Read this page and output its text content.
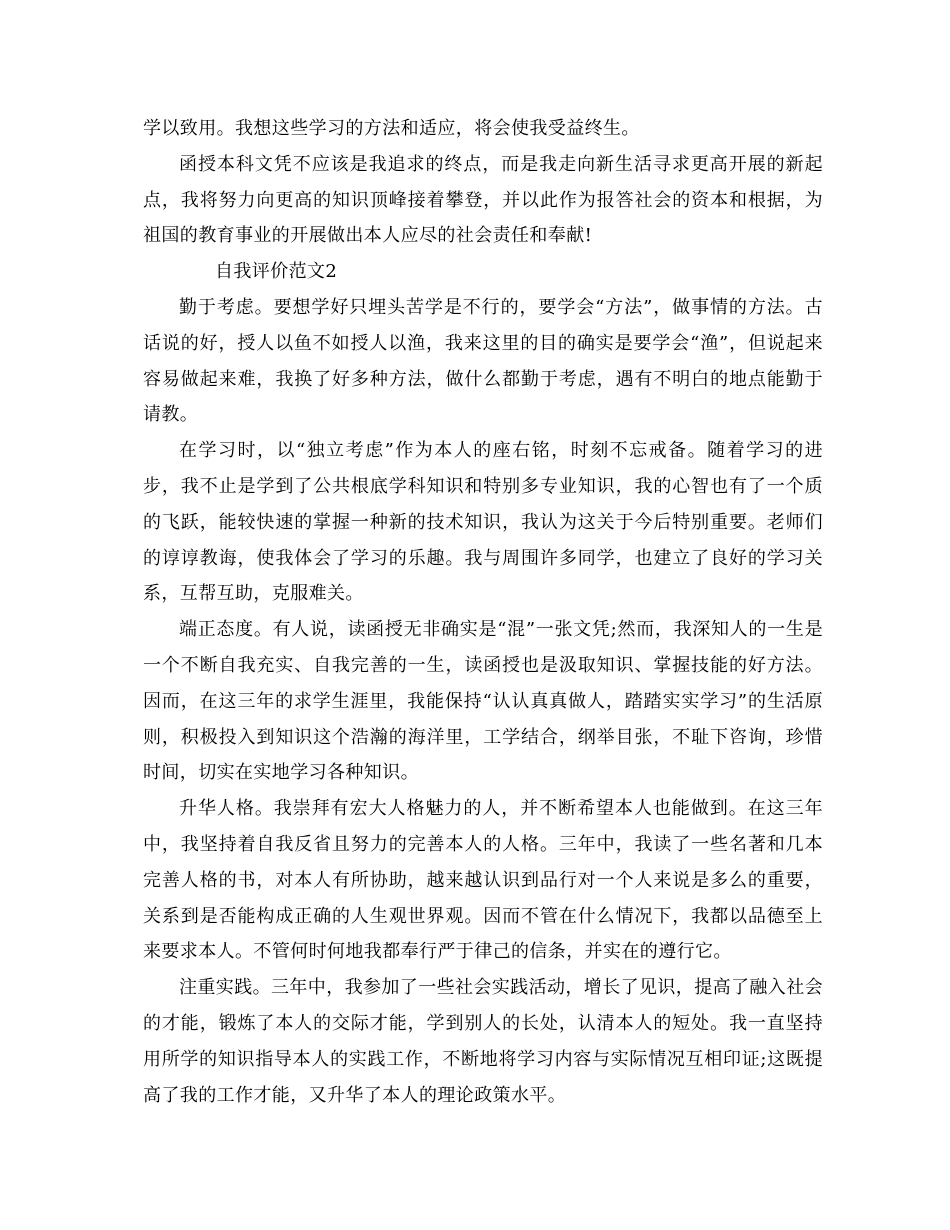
学以致用。我想这些学习的方法和适应，将会使我受益终生。

函授本科文凭不应该是我追求的终点，而是我走向新生活寻求更高开展的新起点，我将努力向更高的知识顶峰接着攀登，并以此作为报答社会的资本和根据，为祖国的教育事业的开展做出本人应尽的社会责任和奉献!

自我评价范文2

勤于考虑。要想学好只埋头苦学是不行的，要学会“方法”，做事情的方法。古话说的好，授人以鱼不如授人以渔，我来这里的目的确实是要学会“渔”，但说起来容易做起来难，我换了好多种方法，做什么都勤于考虑，遇有不明白的地点能勤于请教。

在学习时，以“独立考虑”作为本人的座右铭，时刻不忘戒备。随着学习的进步，我不止是学到了公共根底学科知识和特别多专业知识，我的心智也有了一个质的飞跃，能较快速的掌握一种新的技术知识，我认为这关于今后特别重要。老师们的谆谆教诲，使我体会了学习的乐趣。我与周围许多同学，也建立了良好的学习关系，互帮互助，克服难关。

端正态度。有人说，读函授无非确实是“混”一张文凭;然而，我深知人的一生是一个不断自我充实、自我完善的一生，读函授也是汲取知识、掌握技能的好方法。因而，在这三年的求学生涯里，我能保持“认认真真做人，踏踏实实学习”的生活原则，积极投入到知识这个浩瀚的海洋里，工学结合，纲举目张，不耻下咨询，珍惜时间，切实在实地学习各种知识。

升华人格。我崇拜有宏大人格魅力的人，并不断希望本人也能做到。在这三年中，我坚持着自我反省且努力的完善本人的人格。三年中，我读了一些名著和几本完善人格的书，对本人有所协助，越来越认识到品行对一个人来说是多么的重要，关系到是否能构成正确的人生观世界观。因而不管在什么情况下，我都以品德至上来要求本人。不管何时何地我都奉行严于律己的信条，并实在的遵行它。

注重实践。三年中，我参加了一些社会实践活动，增长了见识，提高了融入社会的才能，锻炼了本人的交际才能，学到别人的长处，认清本人的短处。我一直坚持用所学的知识指导本人的实践工作，不断地将学习内容与实际情况互相印证;这既提高了我的工作才能，又升华了本人的理论政策水平。
